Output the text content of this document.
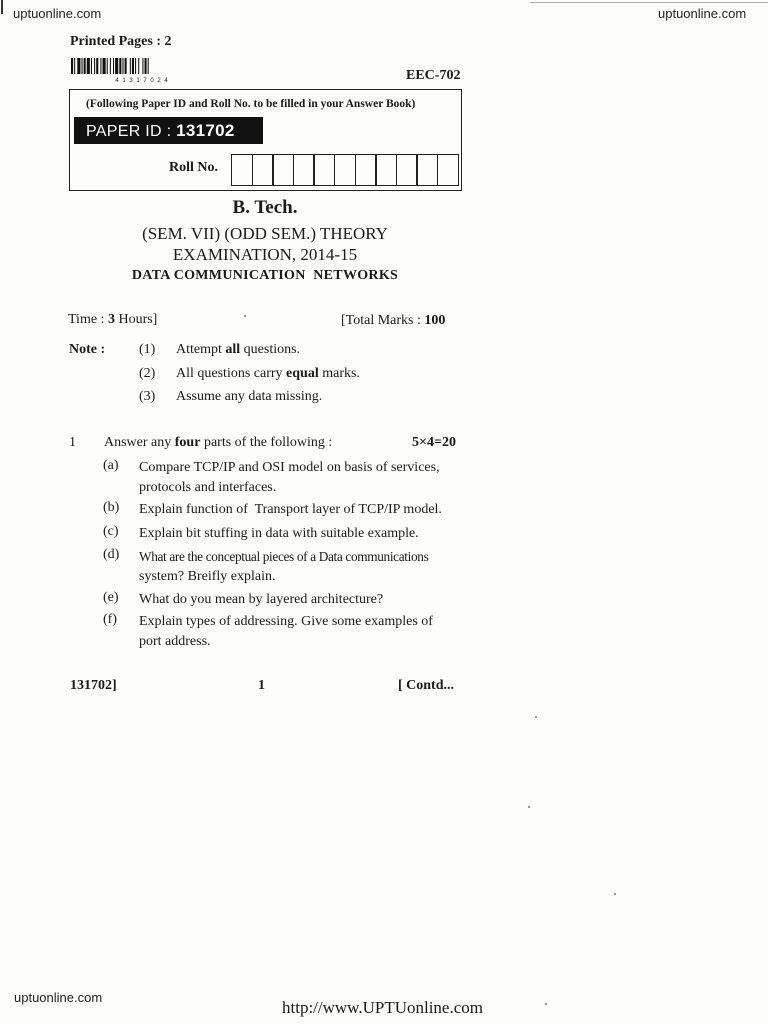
uptuonline.com	uptuonline.com
Printed Pages : 2
4 1 3 1 7 0 2 4	EEC-702
(Following Paper ID and Roll No. to be filled in your Answer Book)
PAPER ID : 131702
Roll No.
B. Tech.
(SEM. VII) (ODD SEM.) THEORY
EXAMINATION, 2014-15
DATA COMMUNICATION  NETWORKS
Time : 3 Hours]	[Total Marks : 100
Note : (1) Attempt all questions.
(2) All questions carry equal marks.
(3) Assume any data missing.
1 Answer any four parts of the following :	5×4=20
(a) Compare TCP/IP and OSI model on basis of services,
protocols and interfaces.
(b) Explain function of  Transport layer of TCP/IP model.
(c) Explain bit stuffing in data with suitable example.
(d) What are the conceptual pieces of a Data communications
system? Breifly explain.
(e) What do you mean by layered architecture?
(f) Explain types of addressing. Give some examples of
port address.
131702]	1	[ Contd...
uptuonline.com
http://www.UPTUonline.com
